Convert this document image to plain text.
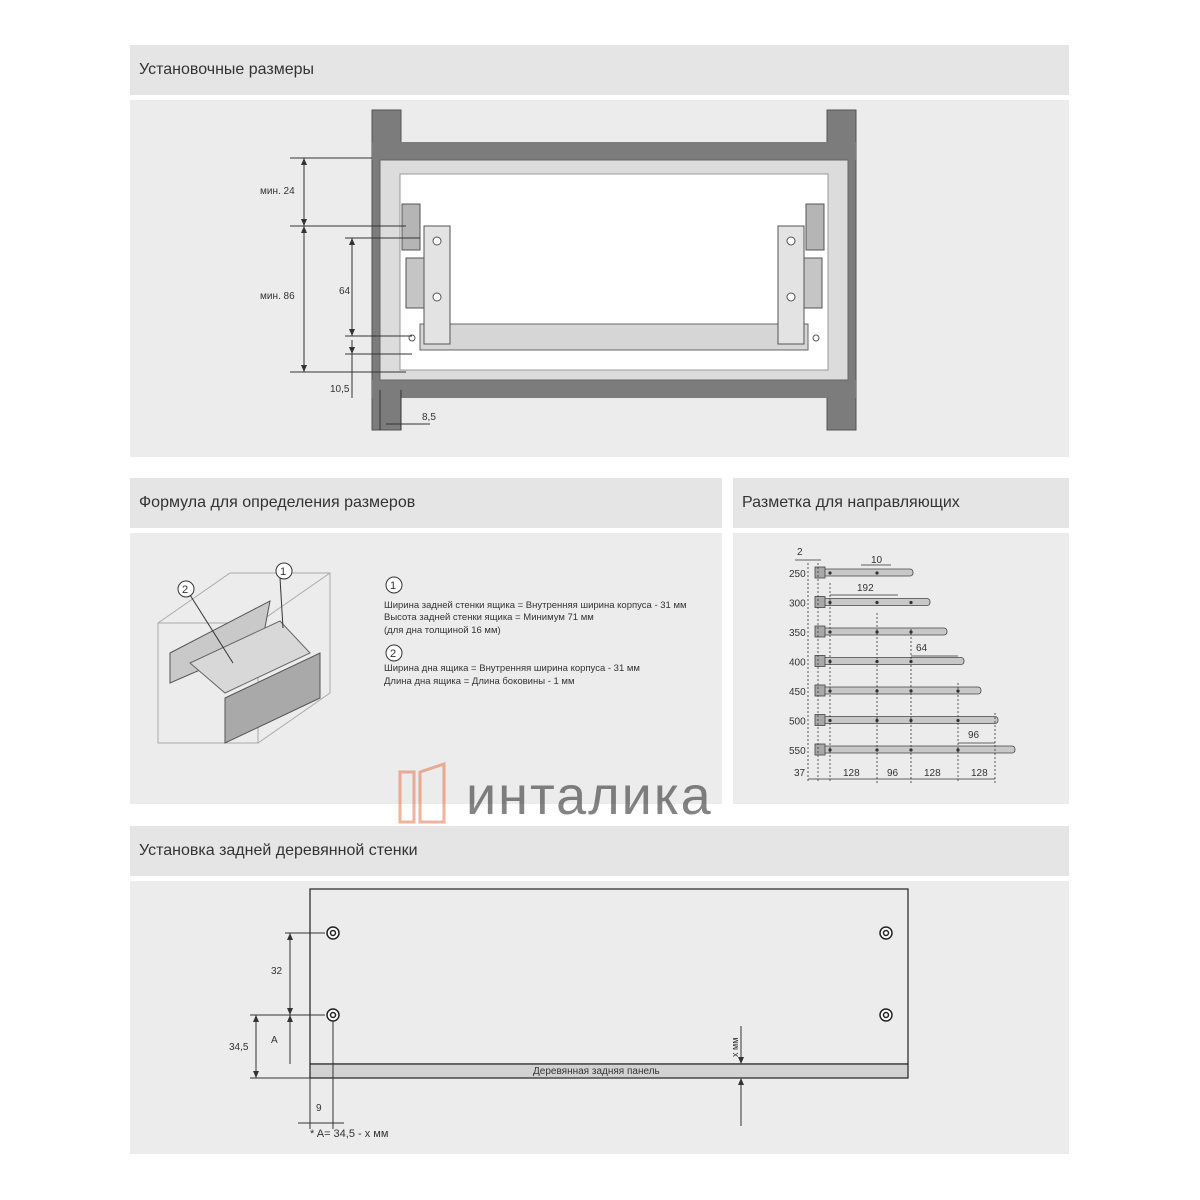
Установочные размеры
мин. 24
мин. 86	64
10,5
8,5
Формула для определения размеров
2
1
1
Ширина задней стенки ящика = Внутренняя ширина корпуса - 31 мм
Высота задней стенки ящика = Минимум 71 мм
(для дна толщиной 16 мм)
2
Ширина дна ящика = Внутренняя ширина корпуса - 31 мм
Длина дна ящика = Длина боковины - 1 мм
Разметка для направляющих
250
300
350
400
450
500
550
2
10
192
64
96
37	128	96	128	128
Установка задней деревянной стенки
Деревянная задняя панель
32
A
34,5
9
x мм
* A= 34,5 - x мм
инталика
